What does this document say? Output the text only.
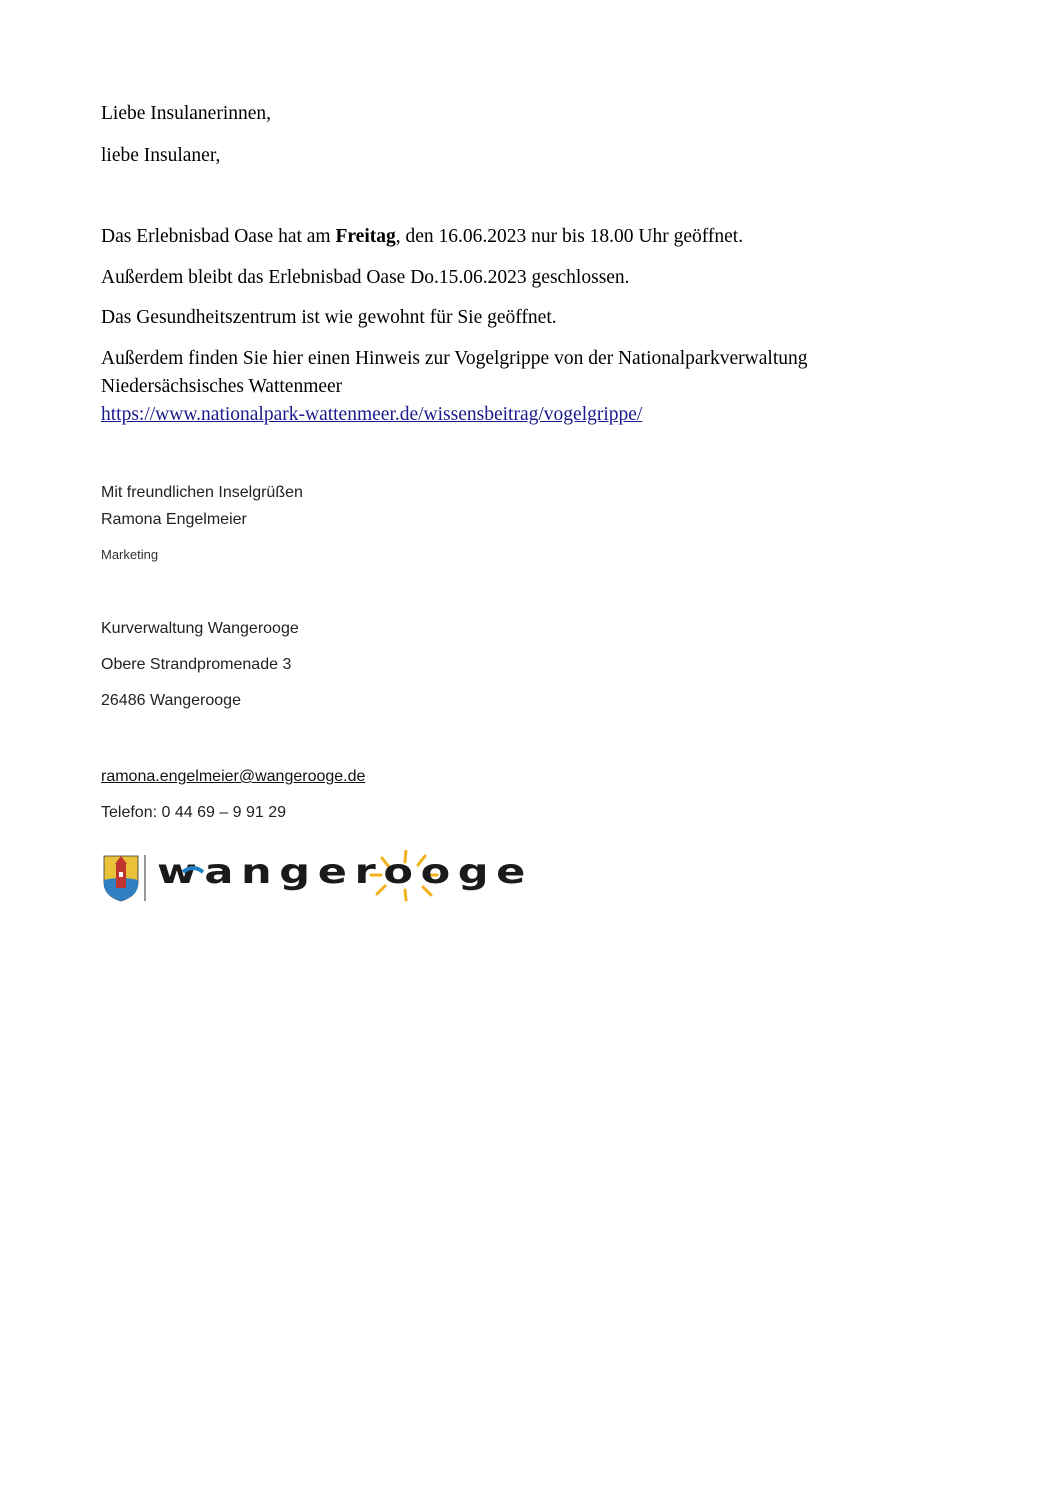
Liebe Insulanerinnen,
liebe Insulaner,
Das Erlebnisbad Oase hat am Freitag, den 16.06.2023 nur bis 18.00 Uhr geöffnet.
Außerdem bleibt das Erlebnisbad Oase Do.15.06.2023 geschlossen.
Das Gesundheitszentrum ist wie gewohnt für Sie geöffnet.
Außerdem finden Sie hier einen Hinweis zur Vogelgrippe von der Nationalparkverwaltung
Niedersächsisches Wattenmeer
https://www.nationalpark-wattenmeer.de/wissensbeitrag/vogelgrippe/
Mit freundlichen Inselgrüßen
Ramona Engelmeier
Marketing
Kurverwaltung Wangerooge
Obere Strandpromenade 3
26486 Wangerooge
ramona.engelmeier@wangerooge.de
Telefon: 0 44 69 – 9 91 29
wangerooge
